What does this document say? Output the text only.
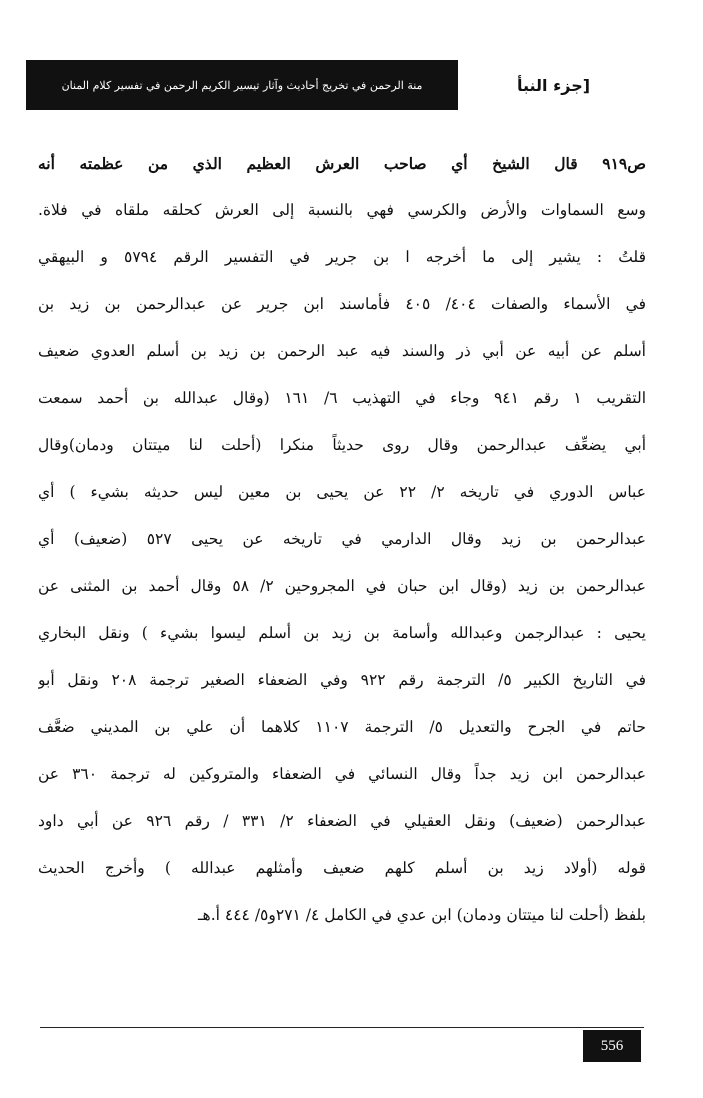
منة الرحمن في تخريج أحاديث وآثار تيسير الكريم الرحمن في تفسير كلام المنان	[جزء النبأ
ص٩١٩ قال الشيخ أي صاحب العرش العظيم الذي من عظمته أنه
وسع السماوات والأرض والكرسي فهي بالنسبة إلى العرش كحلقه ملقاه في فلاة.
قلتُ : يشير إلى ما أخرجه ا بن جرير في التفسير الرقم ٥٧٩٤ و البيهقي
في الأسماء والصفات ٤٠٤/ ٤٠٥ فأماسند ابن جرير عن عبدالرحمن بن زيد بن
أسلم عن أبيه عن أبي ذر والسند فيه عبد الرحمن بن زيد بن أسلم العدوي ضعيف
التقريب ١ رقم ٩٤١ وجاء في التهذيب ٦/ ١٦١ (وقال عبدالله بن أحمد سمعت
أبي يضعِّف عبدالرحمن وقال روى حديثاً منكرا (أحلت لنا ميتتان ودمان)وقال
عباس الدوري في تاريخه ٢/ ٢٢ عن يحيى بن معين ليس حديثه بشيء ) أي
عبدالرحمن بن زيد وقال الدارمي في تاريخه عن يحيى ٥٢٧ (ضعيف) أي
عبدالرحمن بن زيد (وقال ابن حبان في المجروحين ٢/ ٥٨ وقال أحمد بن المثنى عن
يحيى : عبدالرجمن وعبدالله وأسامة بن زيد بن أسلم ليسوا بشيء ) ونقل البخاري
في التاريخ الكبير ٥/ الترجمة رقم ٩٢٢ وفي الضعفاء الصغير ترجمة ٢٠٨ ونقل أبو
حاتم في الجرح والتعديل ٥/ الترجمة ١١٠٧ كلاهما أن علي بن المديني ضعَّف
عبدالرحمن ابن زيد جداً وقال النسائي في الضعفاء والمتروكين له ترجمة ٣٦٠ عن
عبدالرحمن (ضعيف) ونقل العقيلي في الضعفاء ٢/ ٣٣١ / رقم ٩٢٦ عن أبي داود
قوله (أولاد زيد بن أسلم كلهم ضعيف وأمثلهم عبدالله ) وأخرج الحديث
بلفظ (أحلت لنا ميتتان ودمان) ابن عدي في الكامل ٤/ ٢٧١و٥/ ٤٤٤ أ.هـ
556
